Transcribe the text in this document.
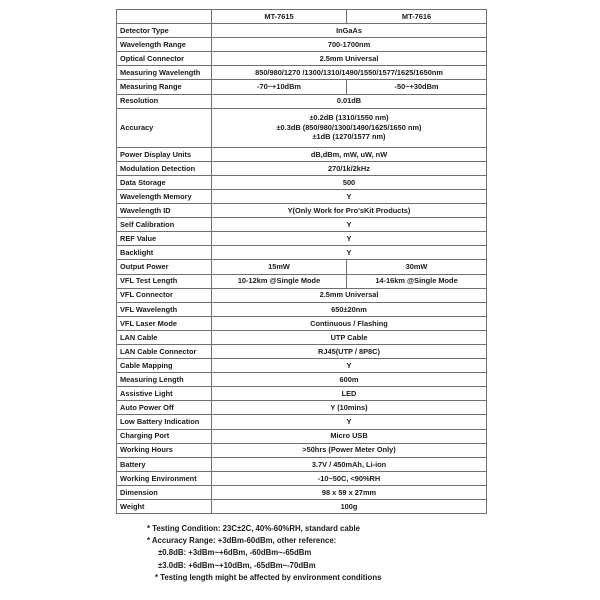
	MT-7615	MT-7616
Detector Type	InGaAs	
Wavelength Range	700-1700nm	
Optical Connector	2.5mm Universal	
Measuring Wavelength	850/980/1270 /1300/1310/1490/1550/1577/1625/1650nm	
Measuring Range	-70~+10dBm	-50~+30dBm
Resolution	0.01dB	
Accuracy	±0.2dB (1310/1550 nm)
±0.3dB (850/980/1300/1490/1625/1650 nm)
±1dB (1270/1577 nm)	

Power Display Units	dB,dBm, mW, uW, nW	
Modulation Detection	270/1k/2kHz	
Data Storage	500	
Wavelength Memory	Y	
Wavelength ID	Y(Only Work for Pro'sKit Products)	
Self Calibration	Y	
REF Value	Y	
Backlight	Y	
Output Power	15mW	30mW
VFL Test Length	10-12km @Single Mode	14-16km @Single Mode
VFL Connector	2.5mm Universal	
VFL Wavelength	650±20nm	
VFL Laser Mode	Continuous / Flashing	
LAN Cable	UTP Cable	
LAN Cable Connector	RJ45(UTP / 8P8C)	
Cable Mapping	Y	
Measuring Length	600m	
Assistive Light	LED	
Auto Power Off	Y (10mins)	
Low Battery Indication	Y	
Charging Port	Micro USB	
Working Hours	>50hrs (Power Meter Only)	
Battery	3.7V / 450mAh, Li-ion	
Working Environment	-10~50C, <90%RH	
Dimension	98 x 59 x 27mm	
Weight	100g	
* Testing Condition: 23C±2C, 40%-60%RH, standard cable
* Accuracy Range: +3dBm-60dBm, other reference:
±0.8dB: +3dBm~+6dBm, -60dBm~-65dBm
±3.0dB: +6dBm~+10dBm, -65dBm~-70dBm
* Testing length might be affected by environment conditions
